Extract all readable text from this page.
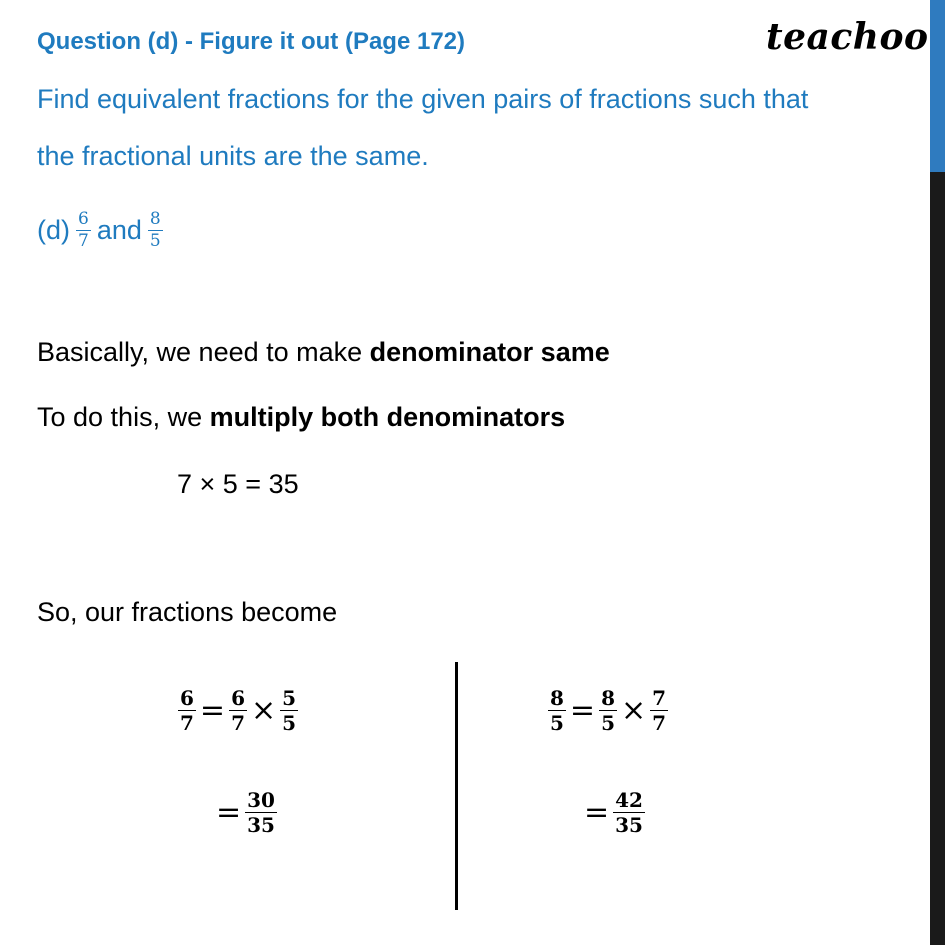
Question (d) - Figure it out (Page 172)	teachoo
Find equivalent fractions for the given pairs of fractions such that
the fractional units are the same.
$(d) \frac{6}{7}$ and $\frac{8}{5}$
Basically, we need to make denominator same
To do this, we multiply both denominators
7 × 5 = 35
So, our fractions become
$\frac{6}{7} = \frac{6}{7} \times \frac{5}{5}$
= $\frac{30}{35}$
$\frac{8}{5} = \frac{8}{5} \times \frac{7}{7}$
= $\frac{42}{35}$
